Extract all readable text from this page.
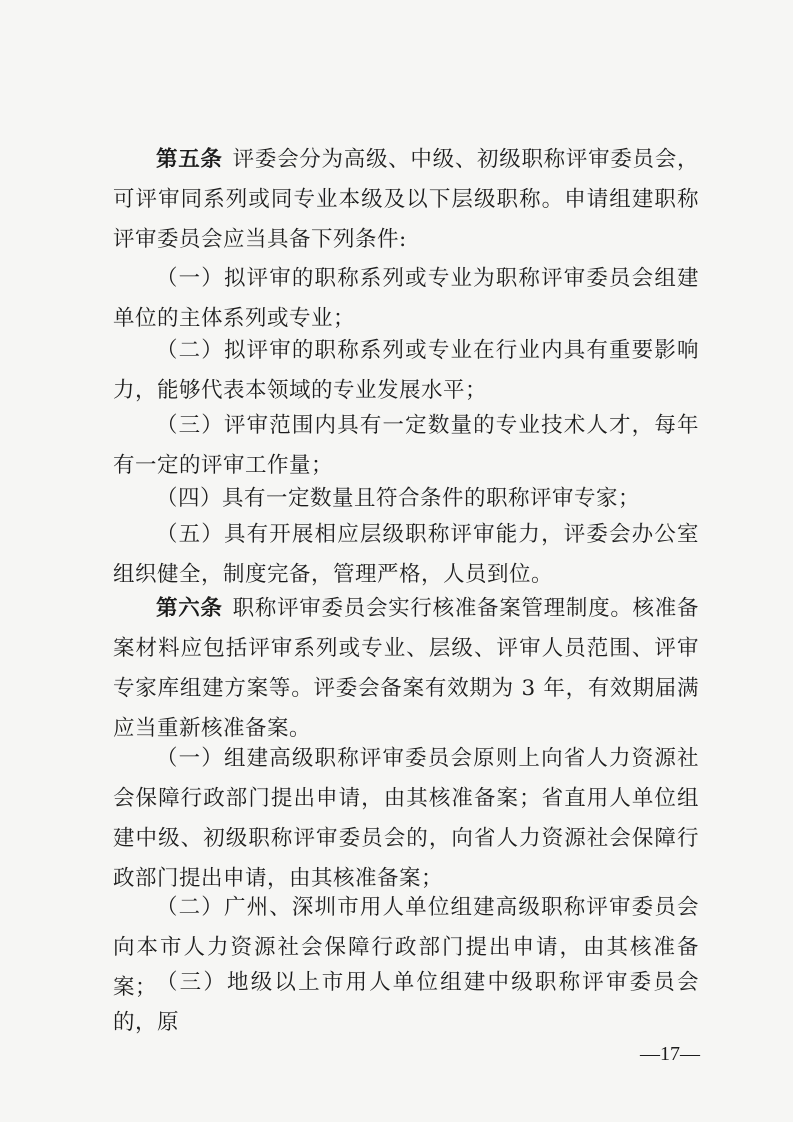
第五条 评委会分为高级、中级、初级职称评审委员会，可评审同系列或同专业本级及以下层级职称。申请组建职称评审委员会应当具备下列条件:

（一）拟评审的职称系列或专业为职称评审委员会组建单位的主体系列或专业；

（二）拟评审的职称系列或专业在行业内具有重要影响力，能够代表本领域的专业发展水平；

（三）评审范围内具有一定数量的专业技术人才，每年有一定的评审工作量；

（四）具有一定数量且符合条件的职称评审专家；

（五）具有开展相应层级职称评审能力，评委会办公室组织健全，制度完备，管理严格，人员到位。

第六条 职称评审委员会实行核准备案管理制度。核准备案材料应包括评审系列或专业、层级、评审人员范围、评审专家库组建方案等。评委会备案有效期为 3 年，有效期届满应当重新核准备案。

（一）组建高级职称评审委员会原则上向省人力资源社会保障行政部门提出申请，由其核准备案；省直用人单位组建中级、初级职称评审委员会的，向省人力资源社会保障行政部门提出申请，由其核准备案；

（二）广州、深圳市用人单位组建高级职称评审委员会向本市人力资源社会保障行政部门提出申请，由其核准备案；

（三）地级以上市用人单位组建中级职称评审委员会的，原

—17—
